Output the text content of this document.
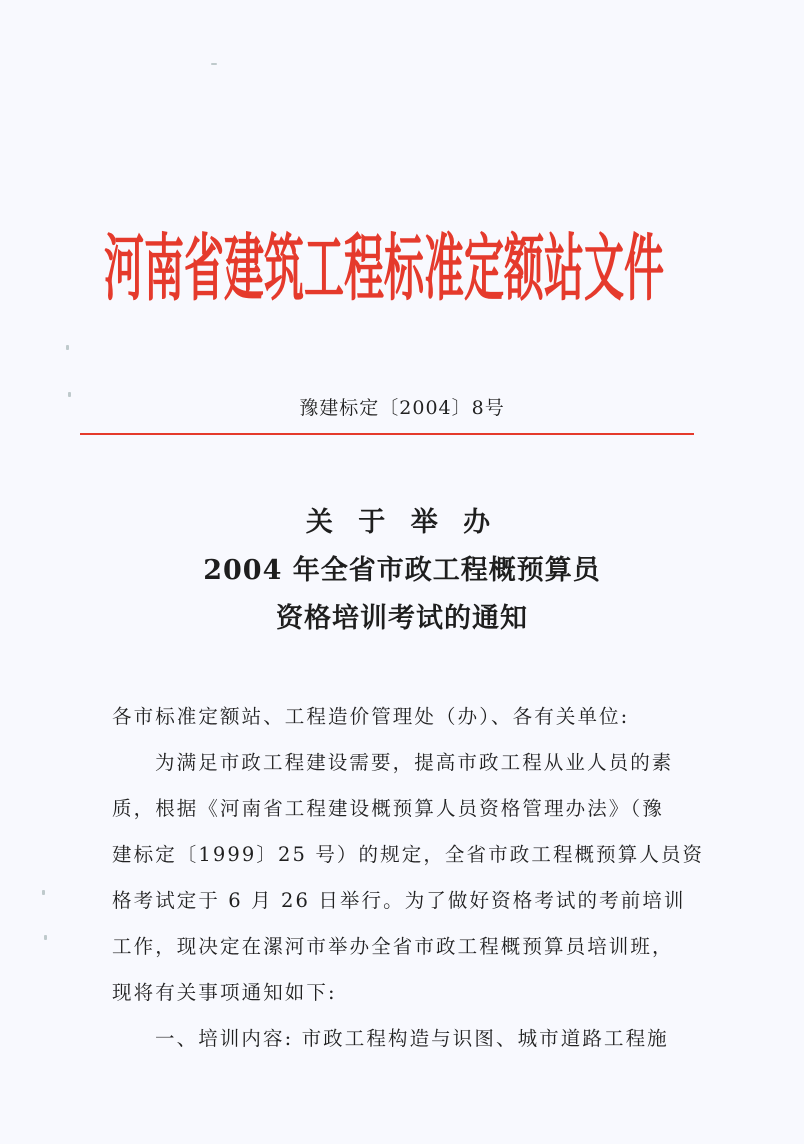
河南省建筑工程标准定额站文件
豫建标定〔2004〕8号
关 于 举 办
2004 年全省市政工程概预算员
资格培训考试的通知
各市标准定额站、工程造价管理处（办）、各有关单位:
为满足市政工程建设需要，提高市政工程从业人员的素
质，根据《河南省工程建设概预算人员资格管理办法》（豫
建标定〔1999〕25 号）的规定，全省市政工程概预算人员资
格考试定于 6 月 26 日举行。为了做好资格考试的考前培训
工作，现决定在漯河市举办全省市政工程概预算员培训班，
现将有关事项通知如下:
一、培训内容: 市政工程构造与识图、城市道路工程施
